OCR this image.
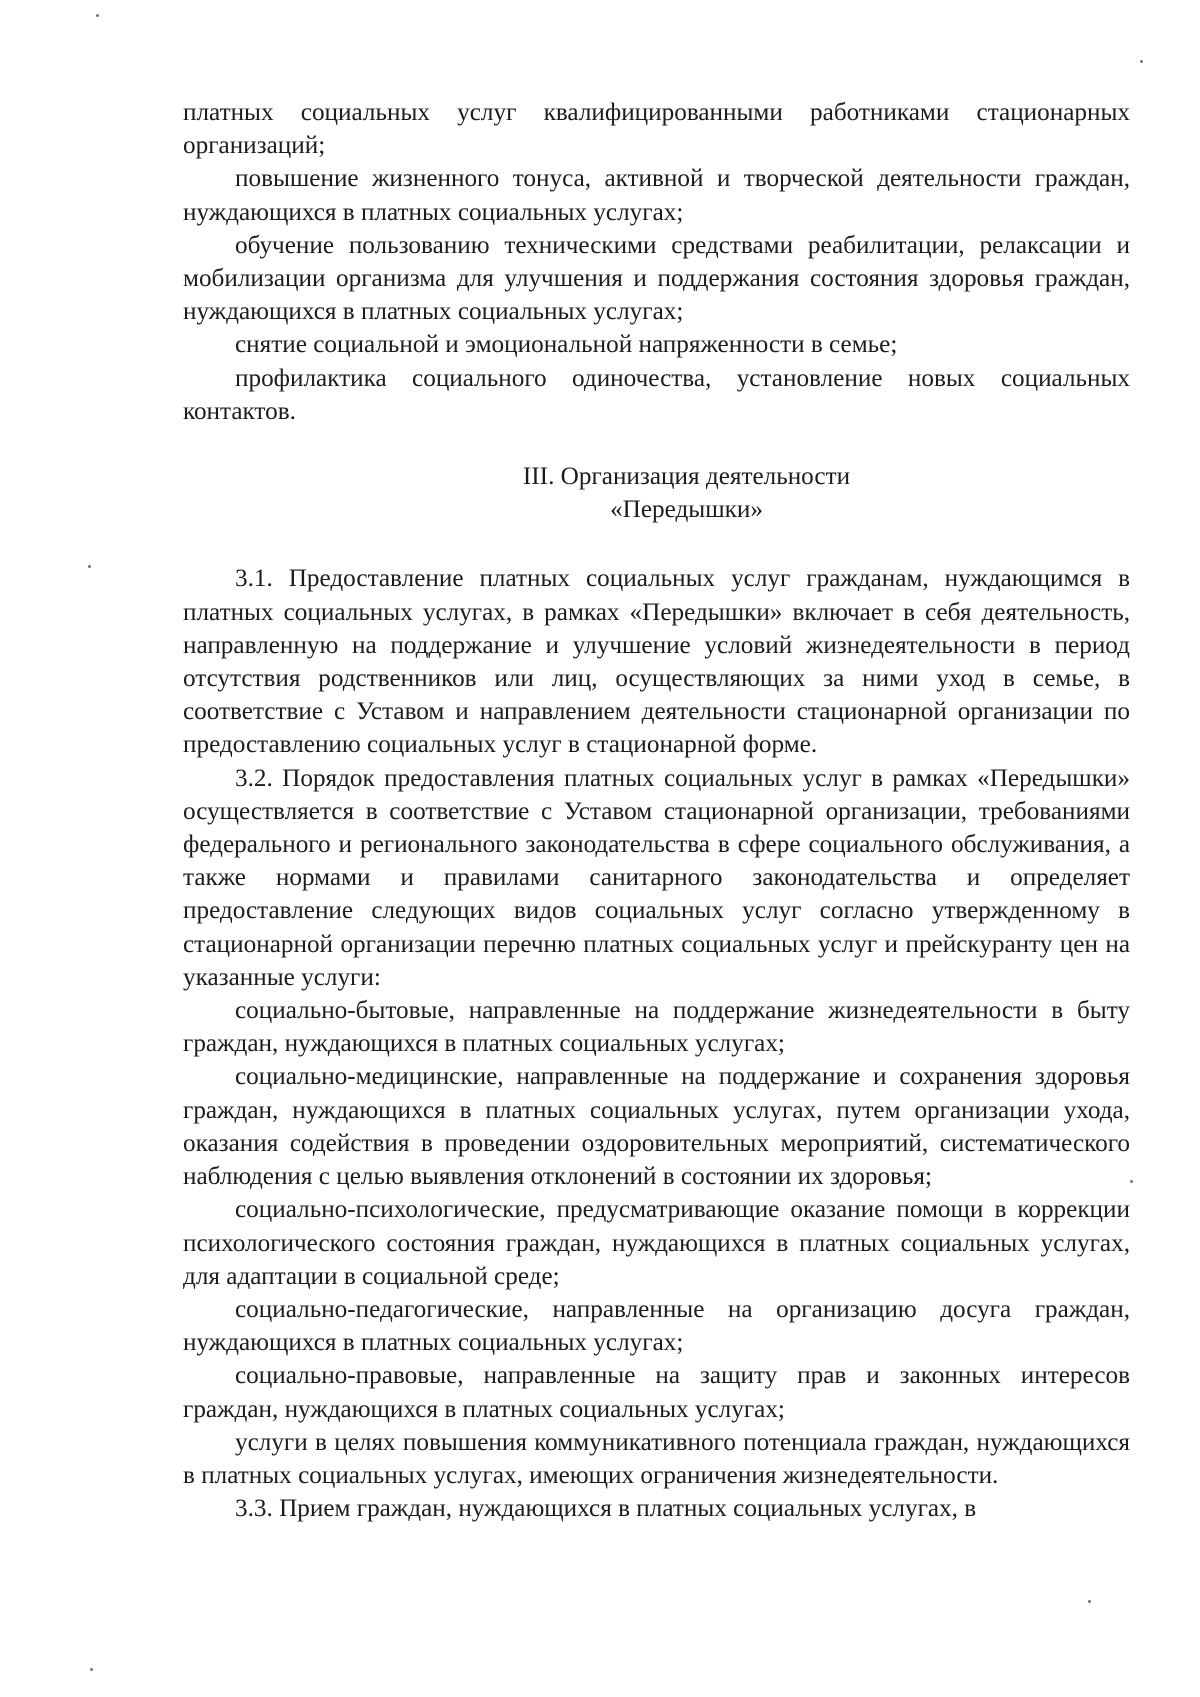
платных социальных услуг квалифицированными работниками стационарных организаций;

повышение жизненного тонуса, активной и творческой деятельности граждан, нуждающихся в платных социальных услугах;

обучение пользованию техническими средствами реабилитации, релаксации и мобилизации организма для улучшения и поддержания состояния здоровья граждан, нуждающихся в платных социальных услугах;

снятие социальной и эмоциональной напряженности в семье;

профилактика социального одиночества, установление новых социальных контактов.

III. Организация деятельности
«Передышки»

3.1. Предоставление платных социальных услуг гражданам, нуждающимся в платных социальных услугах, в рамках «Передышки» включает в себя деятельность, направленную на поддержание и улучшение условий жизнедеятельности в период отсутствия родственников или лиц, осуществляющих за ними уход в семье, в соответствие с Уставом и направлением деятельности стационарной организации по предоставлению социальных услуг в стационарной форме.

3.2. Порядок предоставления платных социальных услуг в рамках «Передышки» осуществляется в соответствие с Уставом стационарной организации, требованиями федерального и регионального законодательства в сфере социального обслуживания, а также нормами и правилами санитарного законодательства и определяет предоставление следующих видов социальных услуг согласно утвержденному в стационарной организации перечню платных социальных услуг и прейскуранту цен на указанные услуги:

социально-бытовые, направленные на поддержание жизнедеятельности в быту граждан, нуждающихся в платных социальных услугах;

социально-медицинские, направленные на поддержание и сохранения здоровья граждан, нуждающихся в платных социальных услугах, путем организации ухода, оказания содействия в проведении оздоровительных мероприятий, систематического наблюдения с целью выявления отклонений в состоянии их здоровья;

социально-психологические, предусматривающие оказание помощи в коррекции психологического состояния граждан, нуждающихся в платных социальных услугах, для адаптации в социальной среде;

социально-педагогические, направленные на организацию досуга граждан, нуждающихся в платных социальных услугах;

социально-правовые, направленные на защиту прав и законных интересов граждан, нуждающихся в платных социальных услугах;

услуги в целях повышения коммуникативного потенциала граждан, нуждающихся в платных социальных услугах, имеющих ограничения жизнедеятельности.

3.3. Прием граждан, нуждающихся в платных социальных услугах, в
